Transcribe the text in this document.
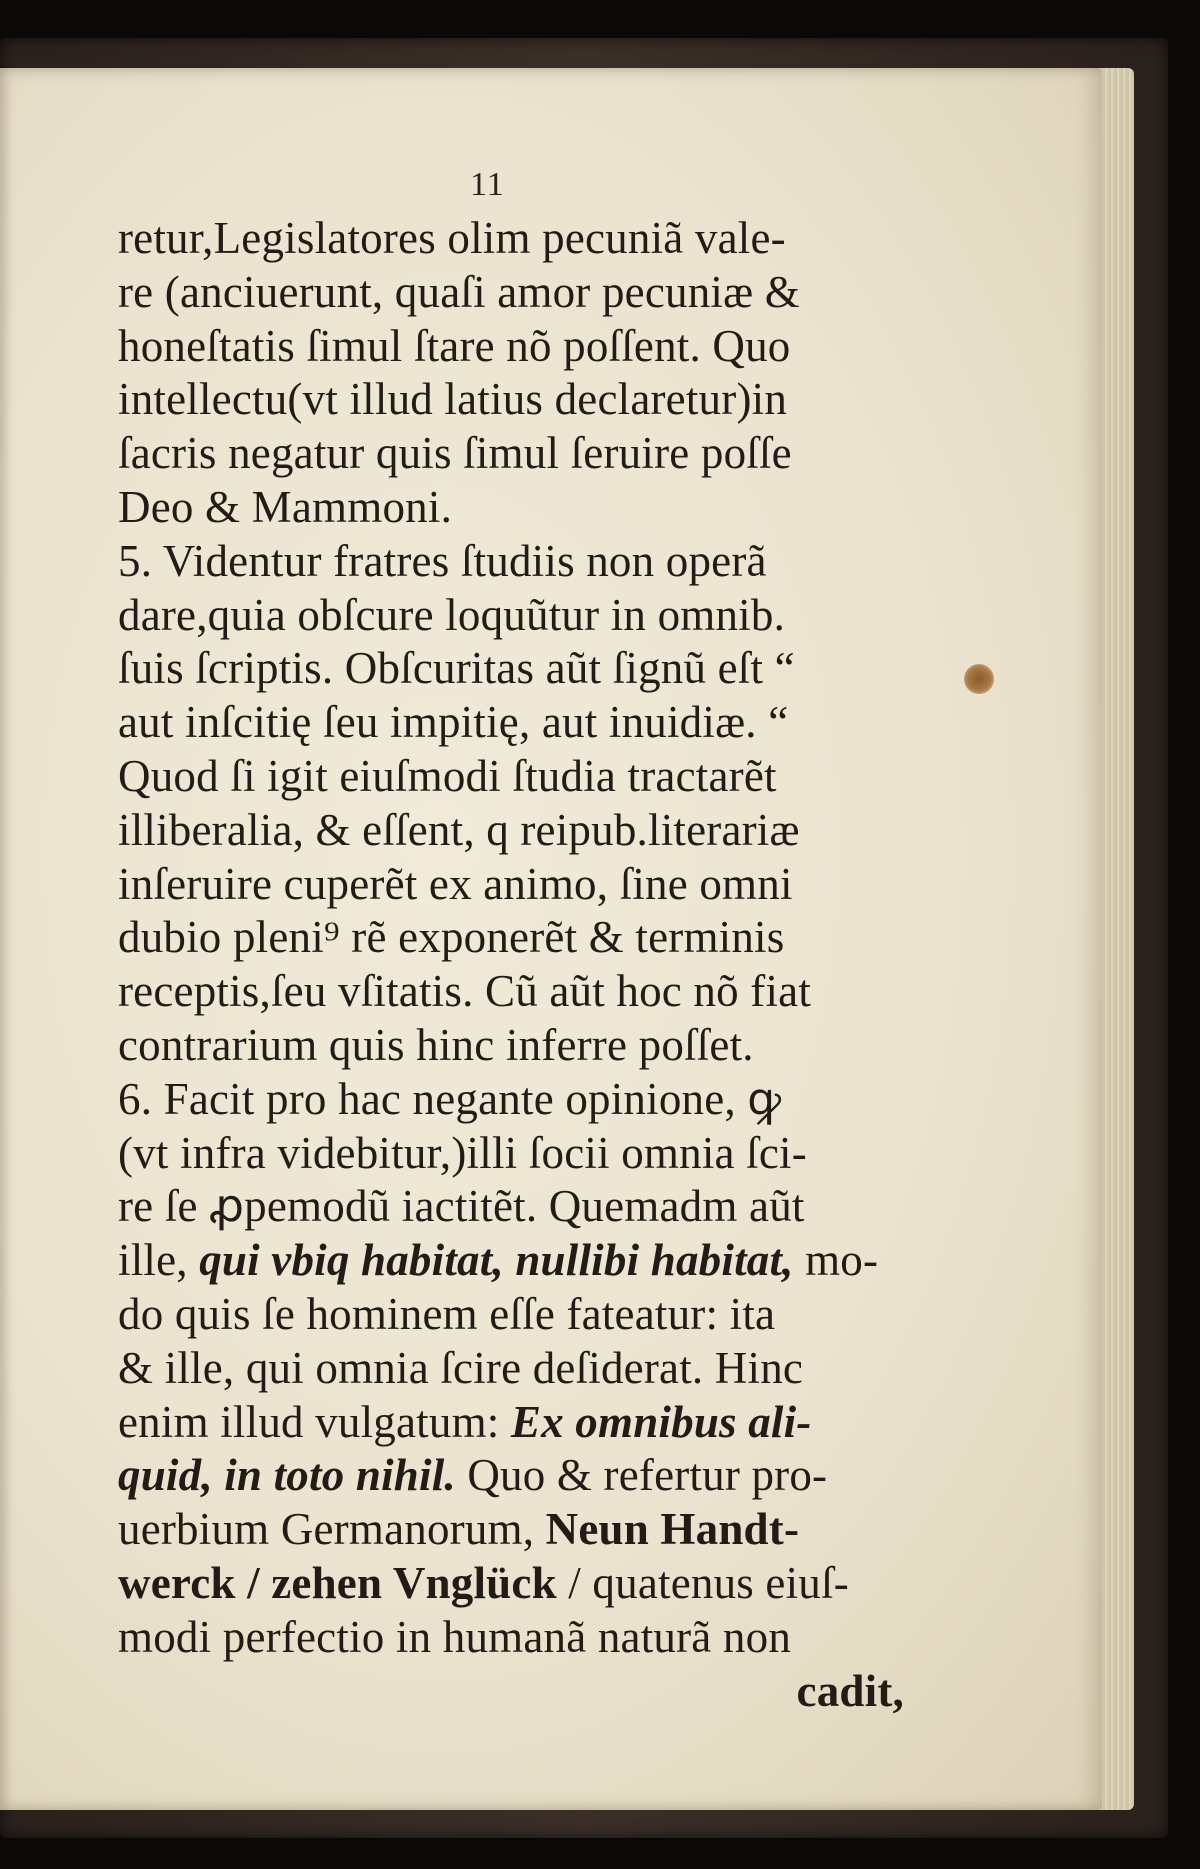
11
retur,Legislatores olim pecuniã vale-
re (anciuerunt, quaſi amor pecuniæ &
honeſtatis ſimul ſtare nõ poſſent. Quo
intellectu(vt illud latius declaretur)in
ſacris negatur quis ſimul ſeruire poſſe
Deo & Mammoni.
5. Videntur fratres ſtudiis non operã
dare,quia obſcure loquũtur in omnib.
ſuis ſcriptis. Obſcuritas aũt ſignũ eſt “
aut inſcitię ſeu impitię, aut inuidiæ. “
Quod ſi igit eiuſmodi ſtudia tractarẽt
illiberalia, & eſſent, q reipub.literariæ
inſeruire cuperẽt ex animo, ſine omni
dubio pleni⁹ rẽ exponerẽt & terminis
receptis,ſeu vſitatis. Cũ aũt hoc nõ fiat
contrarium quis hinc inferre poſſet.
6. Facit pro hac negante opinione, ꝙ
(vt infra videbitur,)illi ſocii omnia ſci-
re ſe ꝓpemodũ iactitẽt. Quemadm aũt
ille, qui vbiq habitat, nullibi habitat, mo-
do quis ſe hominem eſſe fateatur: ita
& ille, qui omnia ſcire deſiderat. Hinc
enim illud vulgatum: Ex omnibus ali-
quid, in toto nihil. Quo & refertur pro-
uerbium Germanorum, Neun Handt-
werck / zehen Vnglück / quatenus eiuſ-
modi perfectio in humanã naturã non
cadit,
